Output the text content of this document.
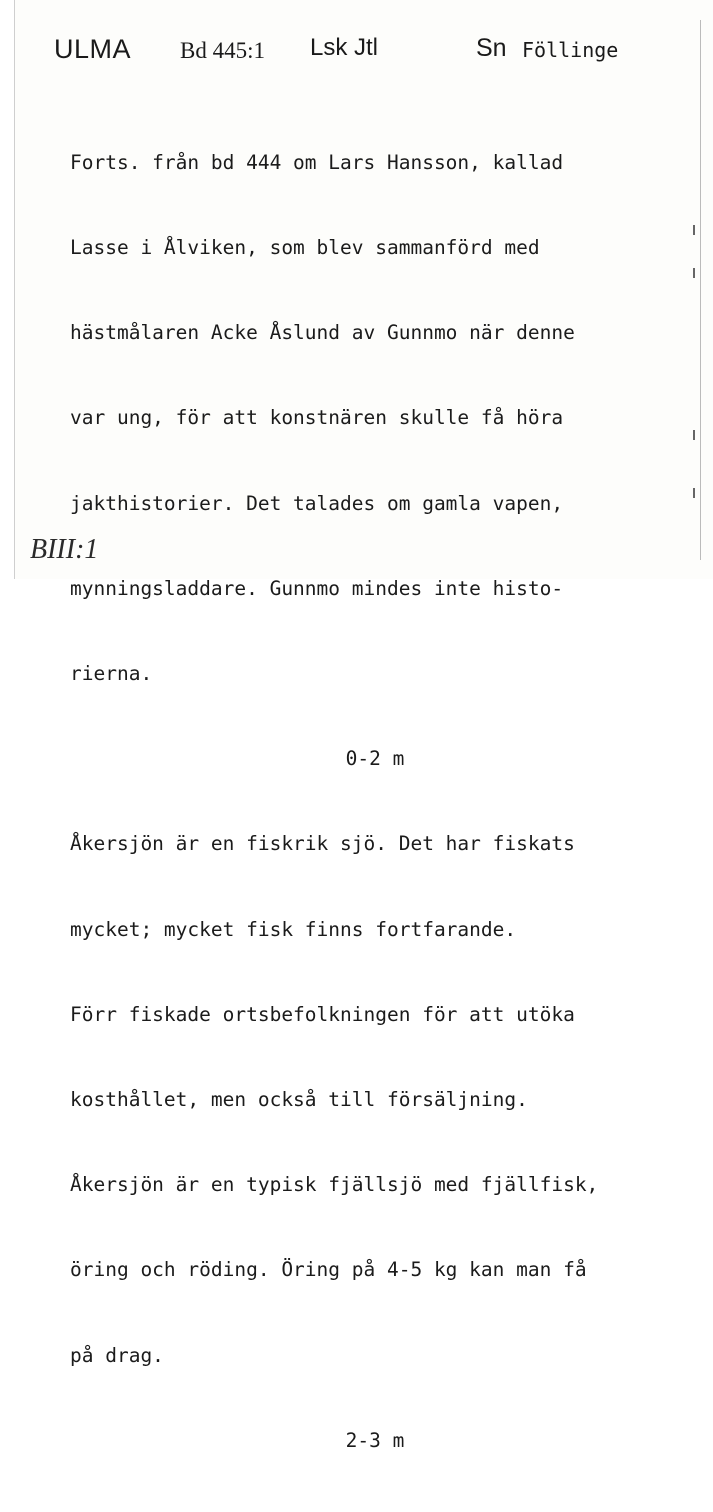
ULMA Bd 445:1 Lsk Jtl	Sn Föllinge

Forts. från bd 444 om Lars Hansson, kallad

Lasse i Ålviken, som blev sammanförd med

hästmålaren Acke Åslund av Gunnmo när denne

var ung, för att konstnären skulle få höra

jakthistorier. Det talades om gamla vapen,

mynningsladdare. Gunnmo mindes inte histo-

rierna.

0-2 m

Åkersjön är en fiskrik sjö. Det har fiskats

mycket; mycket fisk finns fortfarande.

Förr fiskade ortsbefolkningen för att utöka

kosthållet, men också till försäljning.

Åkersjön är en typisk fjällsjö med fjällfisk,

öring och röding. Öring på 4-5 kg kan man få

på drag.

2-3 m

BIII:1
